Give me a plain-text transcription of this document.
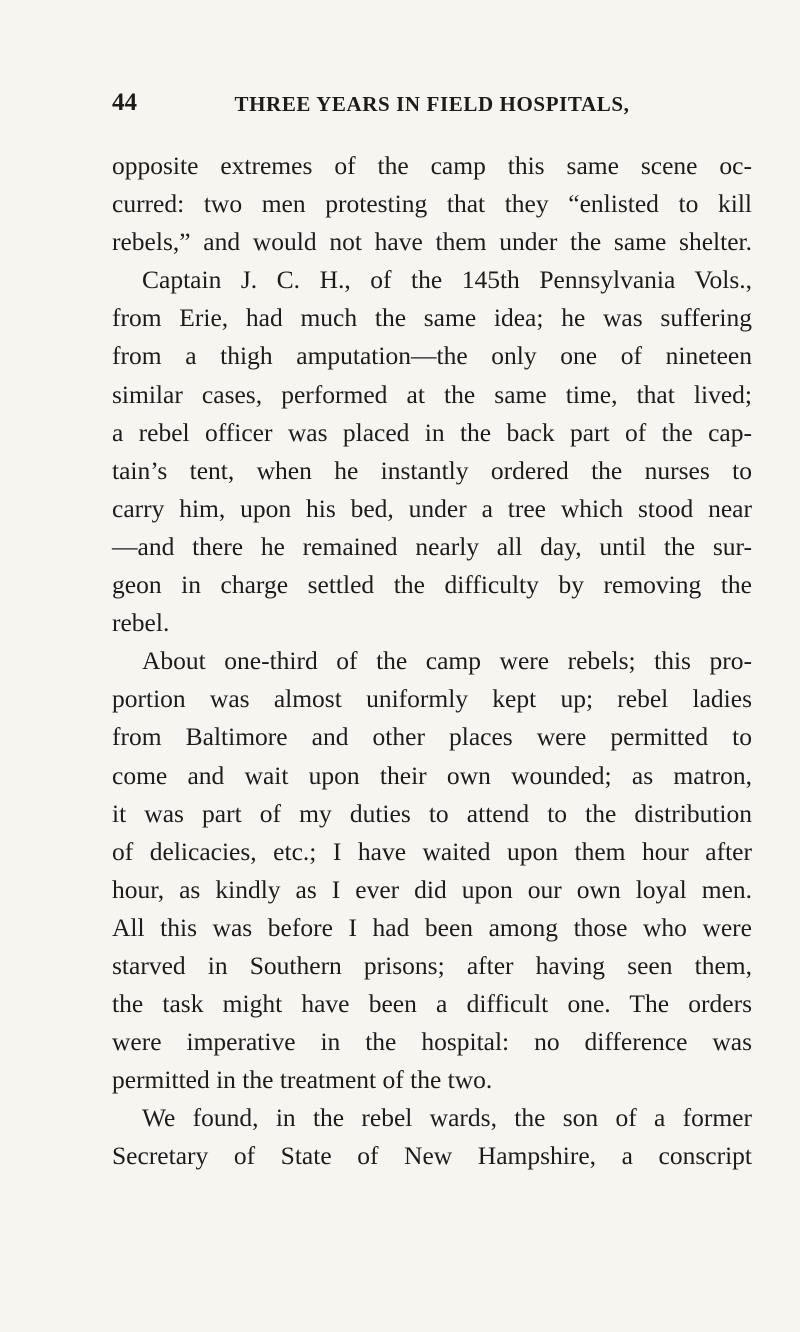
44	THREE YEARS IN FIELD HOSPITALS,
opposite extremes of the camp this same scene oc-
curred: two men protesting that they “enlisted to kill
rebels,” and would not have them under the same shelter.
Captain J. C. H., of the 145th Pennsylvania Vols.,
from Erie, had much the same idea; he was suffering
from a thigh amputation—the only one of nineteen
similar cases, performed at the same time, that lived;
a rebel officer was placed in the back part of the cap-
tain’s tent, when he instantly ordered the nurses to
carry him, upon his bed, under a tree which stood near
—and there he remained nearly all day, until the sur-
geon in charge settled the difficulty by removing the
rebel.
About one-third of the camp were rebels; this pro-
portion was almost uniformly kept up; rebel ladies
from Baltimore and other places were permitted to
come and wait upon their own wounded; as matron,
it was part of my duties to attend to the distribution
of delicacies, etc.; I have waited upon them hour after
hour, as kindly as I ever did upon our own loyal men.
All this was before I had been among those who were
starved in Southern prisons; after having seen them,
the task might have been a difficult one. The orders
were imperative in the hospital: no difference was
permitted in the treatment of the two.
We found, in the rebel wards, the son of a former
Secretary of State of New Hampshire, a conscript
